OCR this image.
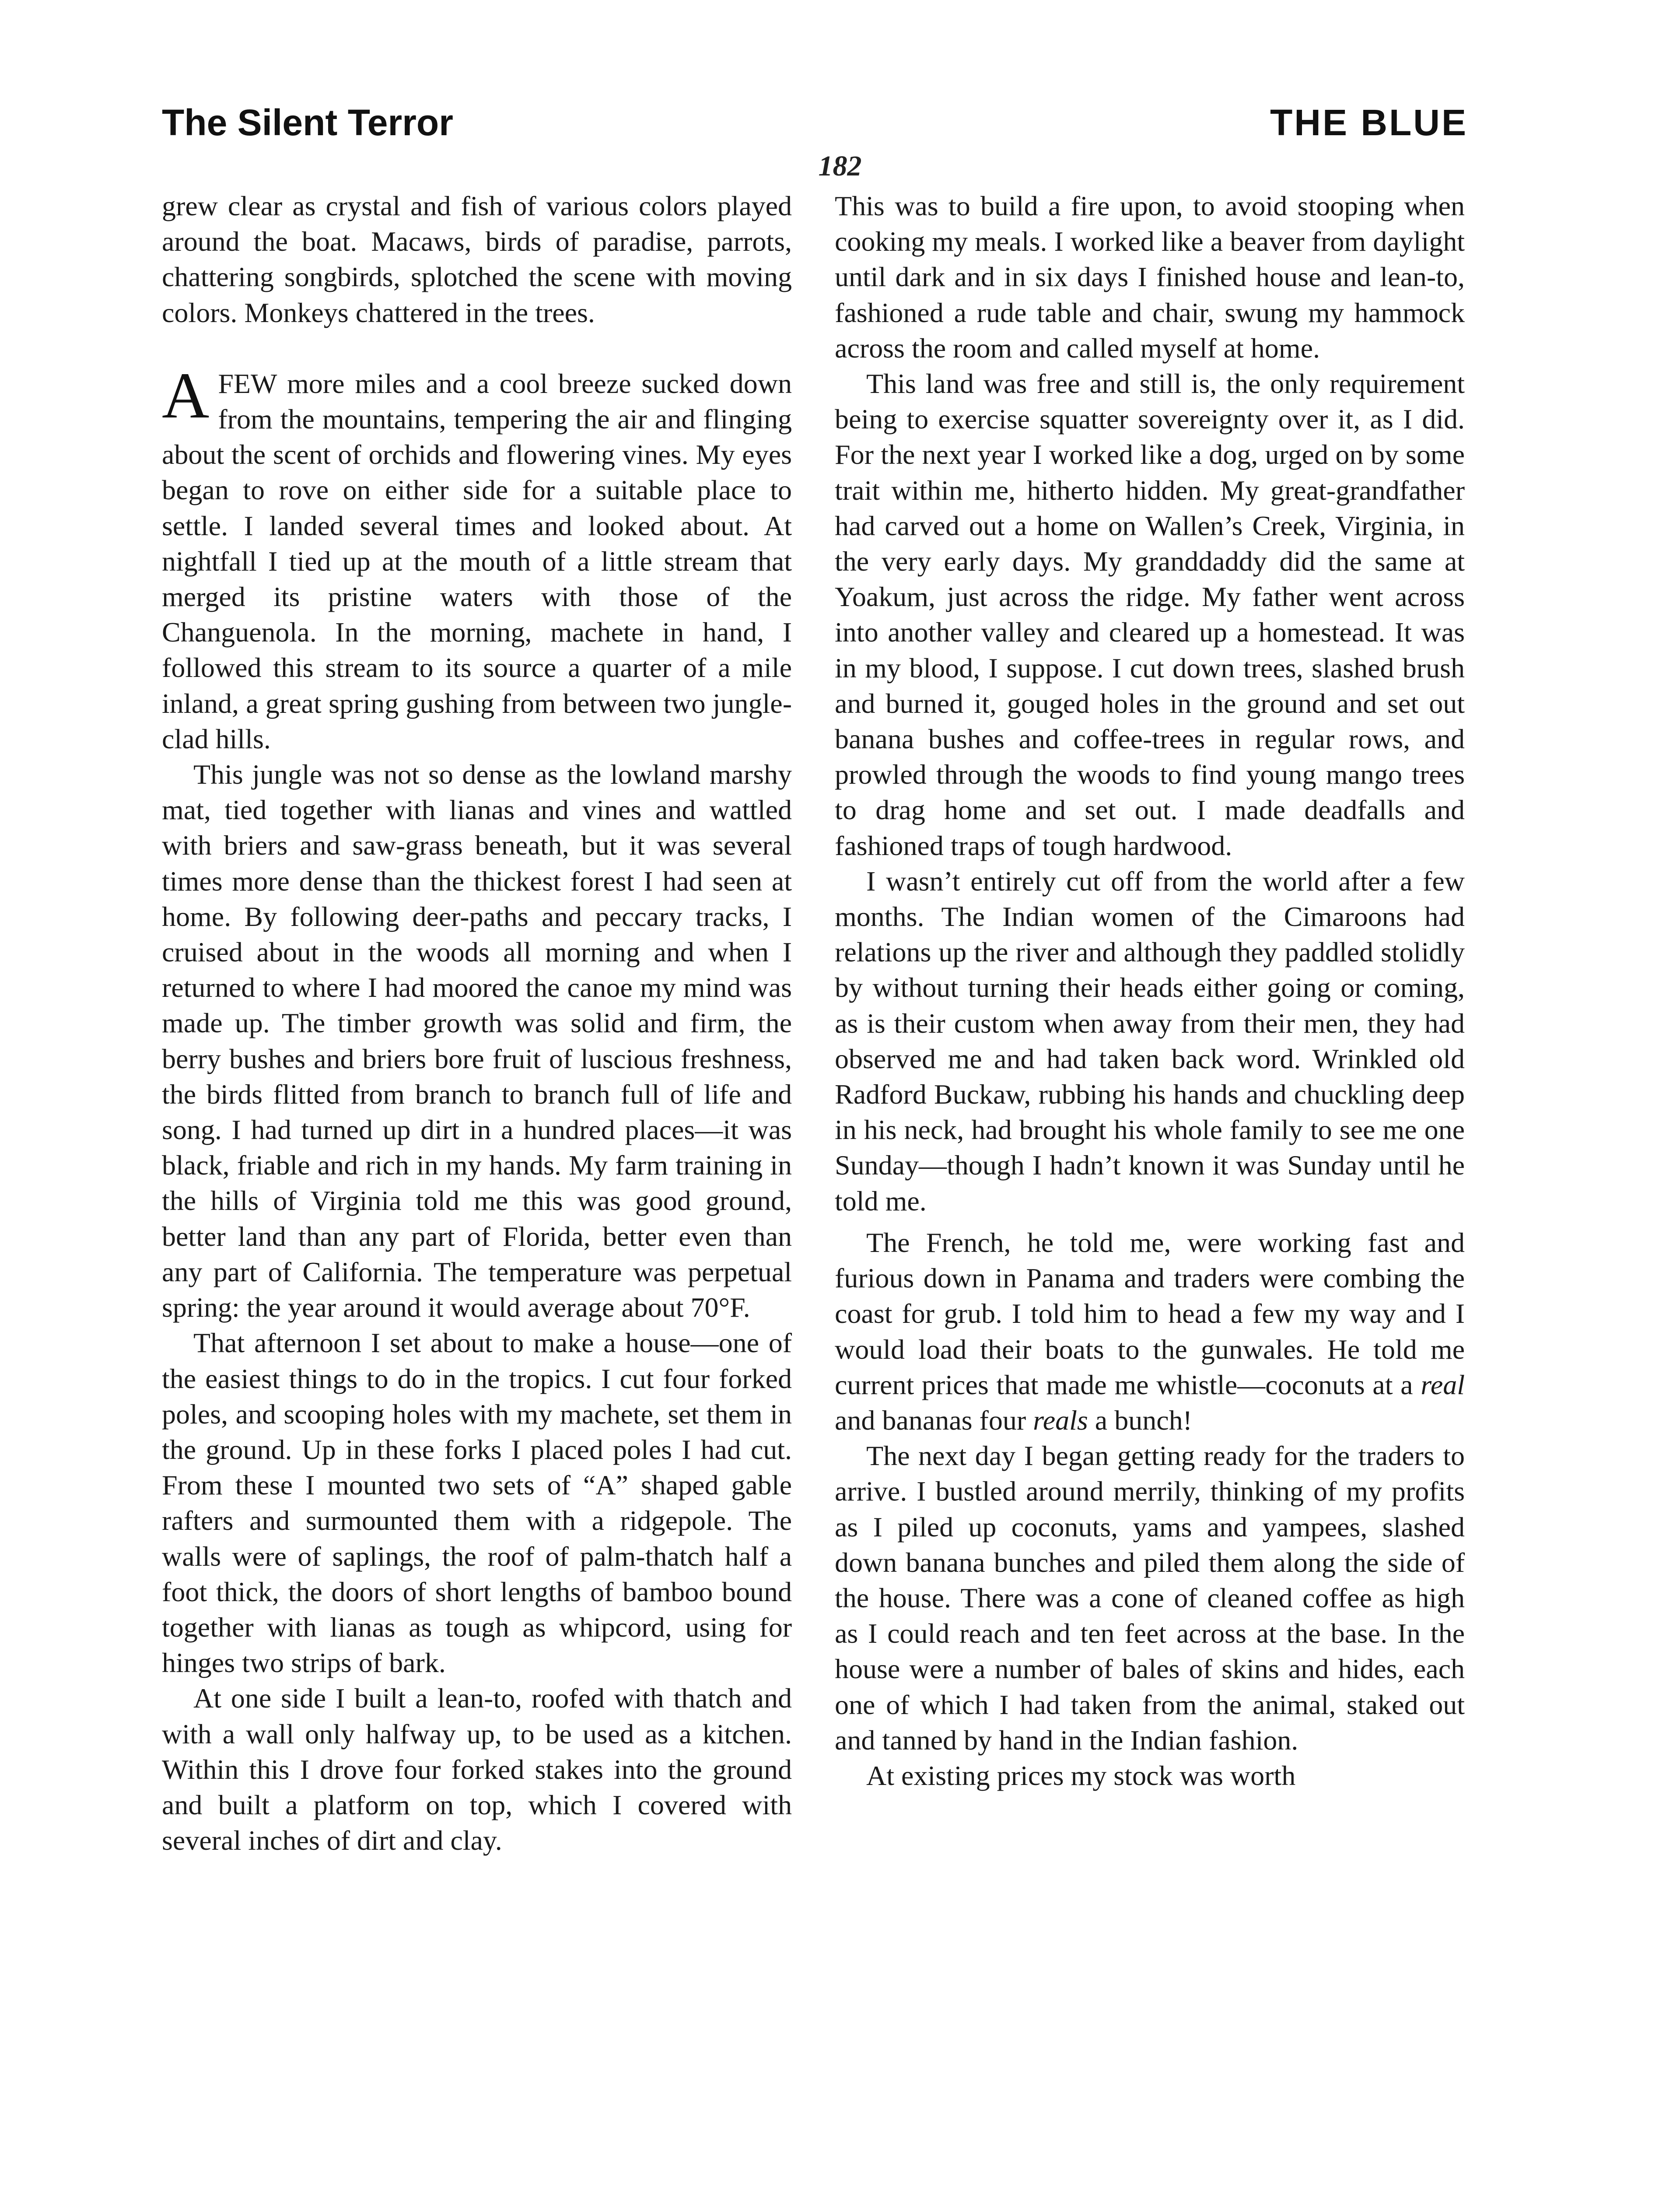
The Silent Terror	THE BLUE
182

grew clear as crystal and fish of various colors played around the boat. Macaws, birds of paradise, parrots, chattering songbirds, splotched the scene with moving colors. Monkeys chattered in the trees.

AFEW more miles and a cool breeze sucked down from the mountains, tempering the air and flinging about the scent of orchids and flowering vines. My eyes began to rove on either side for a suitable place to settle. I landed several times and looked about. At nightfall I tied up at the mouth of a little stream that merged its pristine waters with those of the Changuenola. In the morning, machete in hand, I followed this stream to its source a quarter of a mile inland, a great spring gushing from between two jungle-clad hills.

This jungle was not so dense as the lowland marshy mat, tied together with lianas and vines and wattled with briers and saw-grass beneath, but it was several times more dense than the thickest forest I had seen at home. By following deer-paths and peccary tracks, I cruised about in the woods all morning and when I returned to where I had moored the canoe my mind was made up. The timber growth was solid and firm, the berry bushes and briers bore fruit of luscious freshness, the birds flitted from branch to branch full of life and song. I had turned up dirt in a hundred places—it was black, friable and rich in my hands. My farm training in the hills of Virginia told me this was good ground, better land than any part of Florida, better even than any part of California. The temperature was perpetual spring: the year around it would average about 70°F.

That afternoon I set about to make a house—one of the easiest things to do in the tropics. I cut four forked poles, and scooping holes with my machete, set them in the ground. Up in these forks I placed poles I had cut. From these I mounted two sets of “A” shaped gable rafters and surmounted them with a ridgepole. The walls were of saplings, the roof of palm-thatch half a foot thick, the doors of short lengths of bamboo bound together with lianas as tough as whipcord, using for hinges two strips of bark.

At one side I built a lean-to, roofed with thatch and with a wall only halfway up, to be used as a kitchen. Within this I drove four forked stakes into the ground and built a platform on top, which I covered with several inches of dirt and clay.

This was to build a fire upon, to avoid stooping when cooking my meals. I worked like a beaver from daylight until dark and in six days I finished house and lean-to, fashioned a rude table and chair, swung my hammock across the room and called myself at home.

This land was free and still is, the only requirement being to exercise squatter sovereignty over it, as I did. For the next year I worked like a dog, urged on by some trait within me, hitherto hidden. My great-grandfather had carved out a home on Wallen’s Creek, Virginia, in the very early days. My granddaddy did the same at Yoakum, just across the ridge. My father went across into another valley and cleared up a homestead. It was in my blood, I suppose. I cut down trees, slashed brush and burned it, gouged holes in the ground and set out banana bushes and coffee-trees in regular rows, and prowled through the woods to find young mango trees to drag home and set out. I made deadfalls and fashioned traps of tough hardwood.

I wasn’t entirely cut off from the world after a few months. The Indian women of the Cimaroons had relations up the river and although they paddled stolidly by without turning their heads either going or coming, as is their custom when away from their men, they had observed me and had taken back word. Wrinkled old Radford Buckaw, rubbing his hands and chuckling deep in his neck, had brought his whole family to see me one Sunday—though I hadn’t known it was Sunday until he told me.

The French, he told me, were working fast and furious down in Panama and traders were combing the coast for grub. I told him to head a few my way and I would load their boats to the gunwales. He told me current prices that made me whistle—coconuts at a real and bananas four reals a bunch!

The next day I began getting ready for the traders to arrive. I bustled around merrily, thinking of my profits as I piled up coconuts, yams and yampees, slashed down banana bunches and piled them along the side of the house. There was a cone of cleaned coffee as high as I could reach and ten feet across at the base. In the house were a number of bales of skins and hides, each one of which I had taken from the animal, staked out and tanned by hand in the Indian fashion.

At existing prices my stock was worth
